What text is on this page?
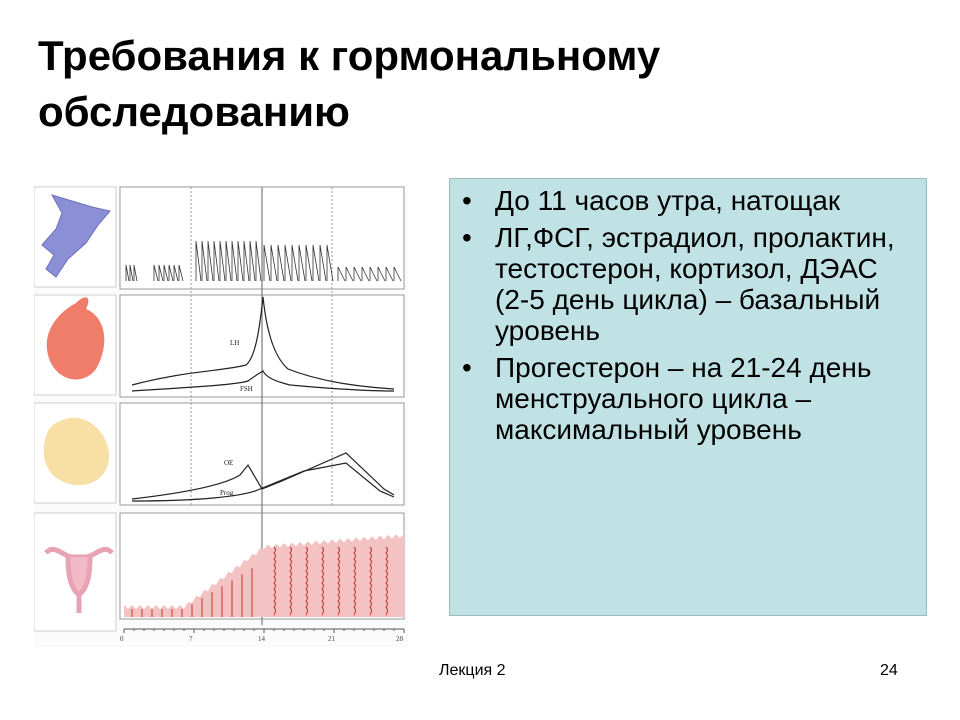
Требования к гормональному обследованию
LH
FSH
OE
Prog
0	7	14	21	28
• До 11 часов утра, натощак
• ЛГ,ФСГ, эстрадиол, пролактин, тестостерон, кортизол, ДЭАС (2-5 день цикла) – базальный уровень
• Прогестерон – на 21-24 день менструального цикла – максимальный уровень
Лекция 2	24
